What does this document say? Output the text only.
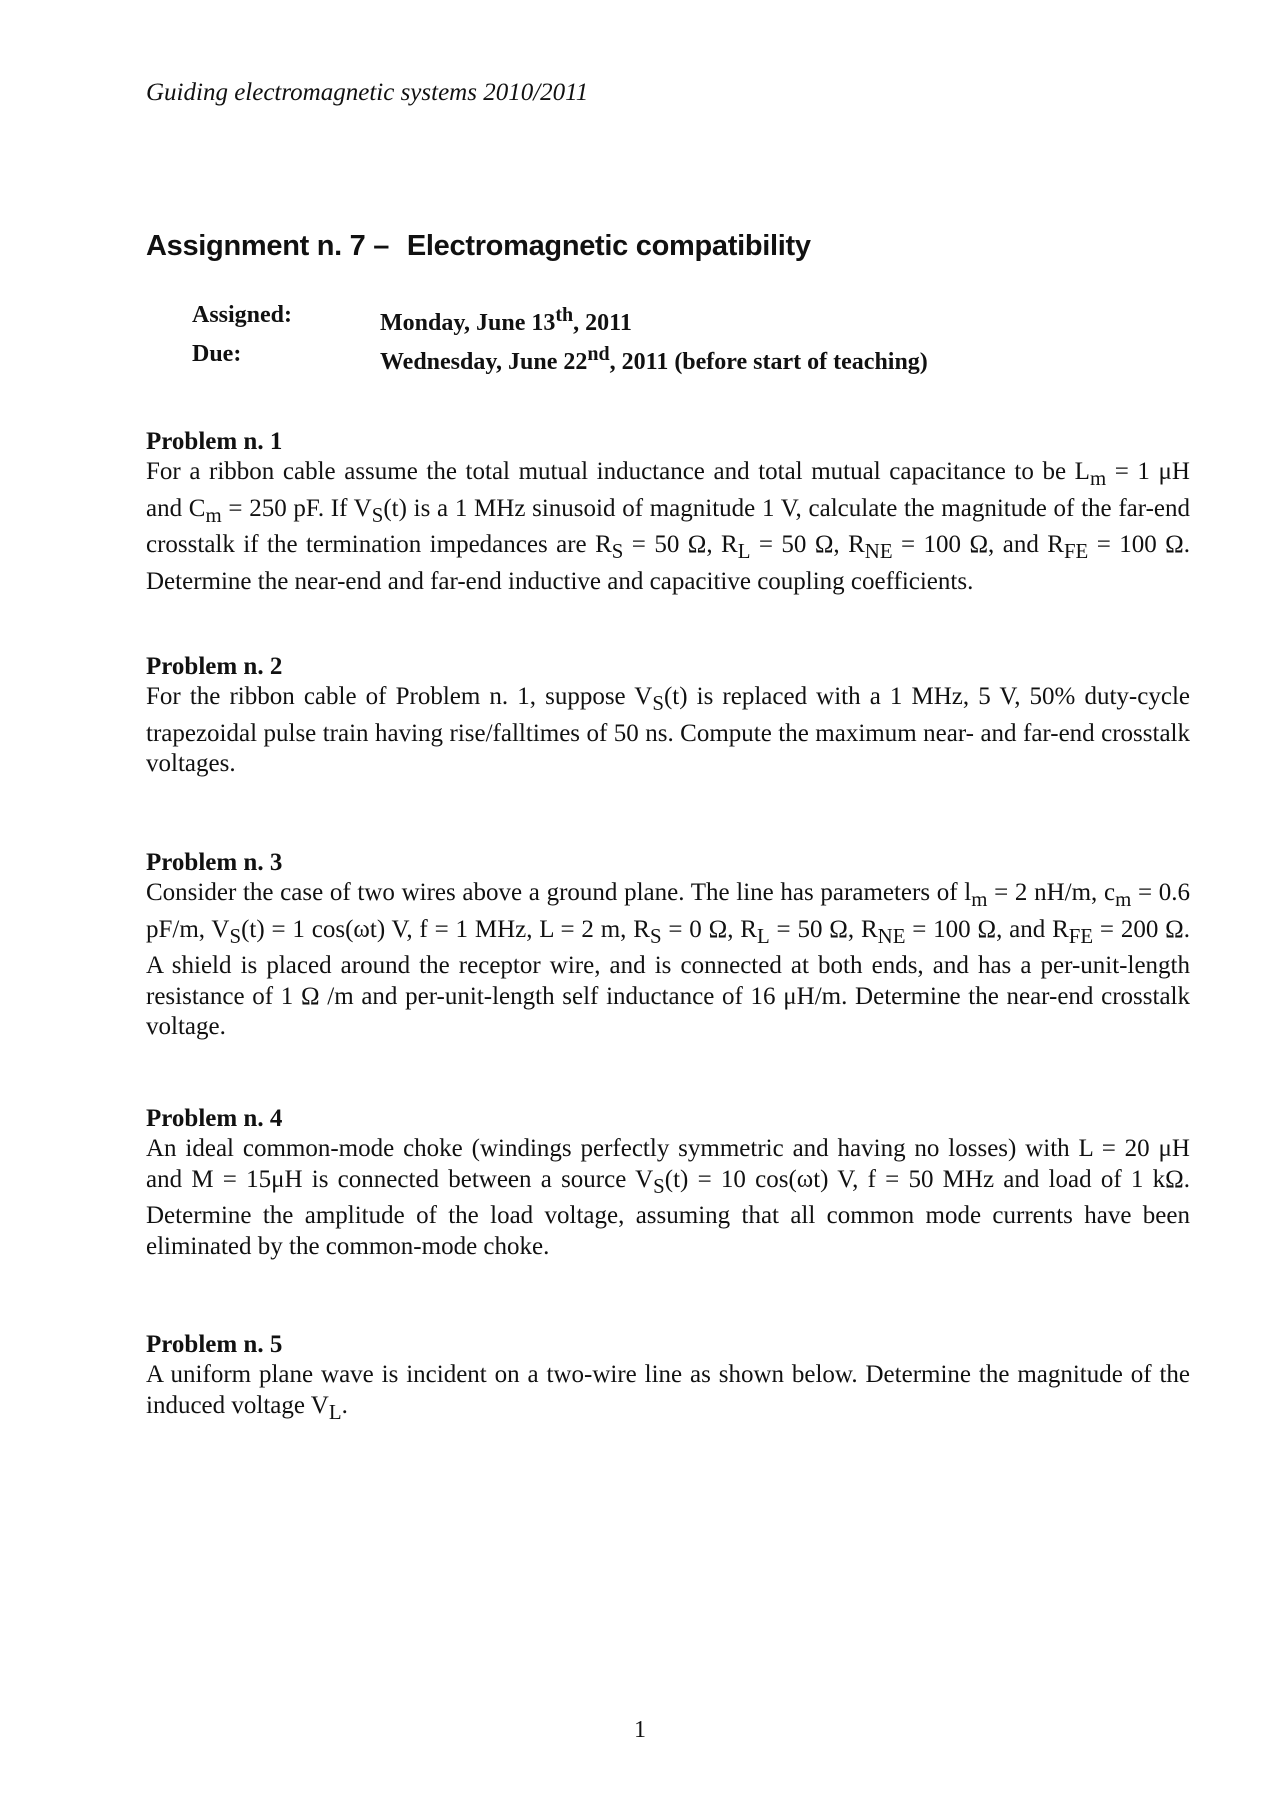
Guiding electromagnetic systems 2010/2011
Assignment n. 7 – Electromagnetic compatibility
Assigned:	Monday, June 13th, 2011
Due:	Wednesday, June 22nd, 2011 (before start of teaching)
Problem n. 1

For a ribbon cable assume the total mutual inductance and total mutual capacitance to be $L_m = 1$ μH and $C_m = 250$ pF. If $V_S(t)$ is a 1 MHz sinusoid of magnitude 1 V, calculate the magnitude of the far-end crosstalk if the termination impedances are $R_S = 50$ Ω, $R_L = 50$ Ω, $R_{NE} = 100$ Ω, and $R_{FE} = 100$ Ω. Determine the near-end and far-end inductive and capacitive coupling coefficients.

Problem n. 2

For the ribbon cable of Problem n. 1, suppose $V_S(t)$ is replaced with a 1 MHz, 5 V, 50% duty-cycle trapezoidal pulse train having rise/falltimes of 50 ns. Compute the maximum near- and far-end crosstalk voltages.

Problem n. 3

Consider the case of two wires above a ground plane. The line has parameters of $l_m = 2$ nH/m, $c_m = 0.6$ pF/m, $V_S(t) = 1$ cos(ωt) V, f = 1 MHz, L = 2 m, $R_S = 0$ Ω, $R_L = 50$ Ω, $R_{NE} = 100$ Ω, and $R_{FE} = 200$ Ω. A shield is placed around the receptor wire, and is connected at both ends, and has a per-unit-length resistance of 1 Ω /m and per-unit-length self inductance of 16 μH/m. Determine the near-end crosstalk voltage.

Problem n. 4

An ideal common-mode choke (windings perfectly symmetric and having no losses) with L = 20 μH and M = 15μH is connected between a source $V_S(t) = 10$ cos(ωt) V, f = 50 MHz and load of 1 kΩ. Determine the amplitude of the load voltage, assuming that all common mode currents have been eliminated by the common-mode choke.

Problem n. 5

A uniform plane wave is incident on a two-wire line as shown below. Determine the magnitude of the induced voltage $V_L$.

1
